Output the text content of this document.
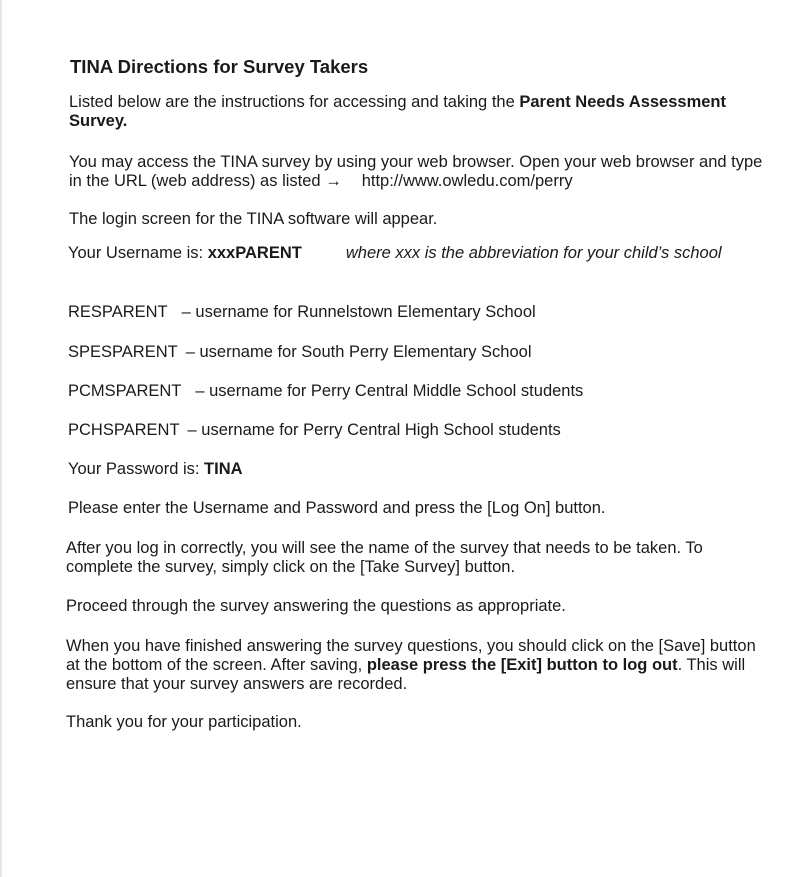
TINA Directions for Survey Takers

Listed below are the instructions for accessing and taking the Parent Needs Assessment Survey.

You may access the TINA survey by using your web browser. Open your web browser and type in the URL (web address) as listed → http://www.owledu.com/perry

The login screen for the TINA software will appear.

Your Username is: xxxPARENT	where xxx is the abbreviation for your child’s school

RESPARENT – username for Runnelstown Elementary School

SPESPARENT – username for South Perry Elementary School

PCMSPARENT – username for Perry Central Middle School students

PCHSPARENT – username for Perry Central High School students

Your Password is: TINA

Please enter the Username and Password and press the [Log On] button.

After you log in correctly, you will see the name of the survey that needs to be taken. To complete the survey, simply click on the [Take Survey] button.

Proceed through the survey answering the questions as appropriate.

When you have finished answering the survey questions, you should click on the [Save] button at the bottom of the screen. After saving, please press the [Exit] button to log out. This will ensure that your survey answers are recorded.

Thank you for your participation.
